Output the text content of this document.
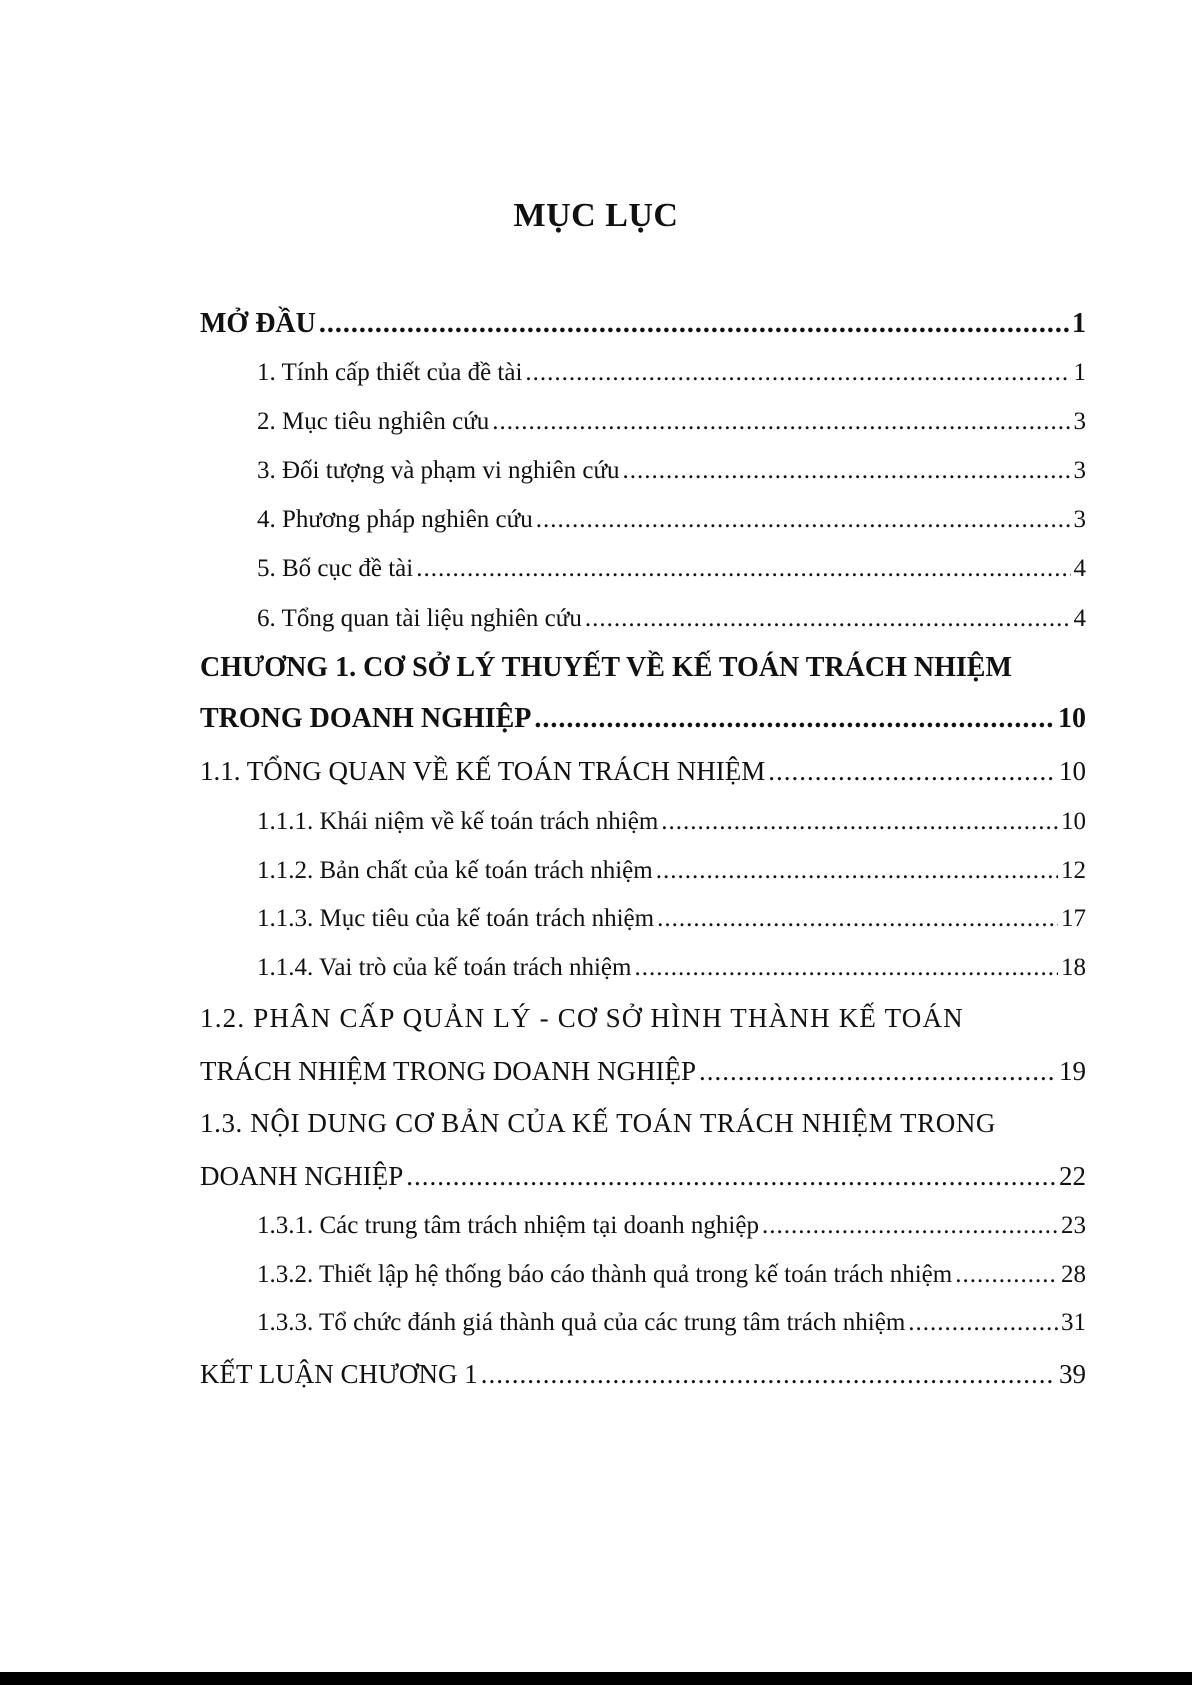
MỤC LỤC
MỞ ĐẦU .....	1
1. Tính cấp thiết của đề tài .....	1
2. Mục tiêu nghiên cứu .....	3
3. Đối tượng và phạm vi nghiên cứu .....	3
4. Phương pháp nghiên cứu .....	3
5. Bố cục đề tài .....	4
6. Tổng quan tài liệu nghiên cứu .....	4
CHƯƠNG 1. CƠ SỞ LÝ THUYẾT VỀ KẾ TOÁN TRÁCH NHIỆM
TRONG DOANH NGHIỆP .....	10
1.1. TỔNG QUAN VỀ KẾ TOÁN TRÁCH NHIỆM .....	10
1.1.1. Khái niệm về kế toán trách nhiệm .....	10
1.1.2. Bản chất của kế toán trách nhiệm .....	12
1.1.3. Mục tiêu của kế toán trách nhiệm .....	17
1.1.4. Vai trò của kế toán trách nhiệm .....	18
1.2. PHÂN CẤP QUẢN LÝ - CƠ SỞ HÌNH THÀNH KẾ TOÁN
TRÁCH NHIỆM TRONG DOANH NGHIỆP .....	19
1.3. NỘI DUNG CƠ BẢN CỦA KẾ TOÁN TRÁCH NHIỆM TRONG
DOANH NGHIỆP .....	22
1.3.1. Các trung tâm trách nhiệm tại doanh nghiệp .....	23
1.3.2. Thiết lập hệ thống báo cáo thành quả trong kế toán trách nhiệm .....	28
1.3.3. Tổ chức đánh giá thành quả của các trung tâm trách nhiệm .....	31
KẾT LUẬN CHƯƠNG 1 .....	39
